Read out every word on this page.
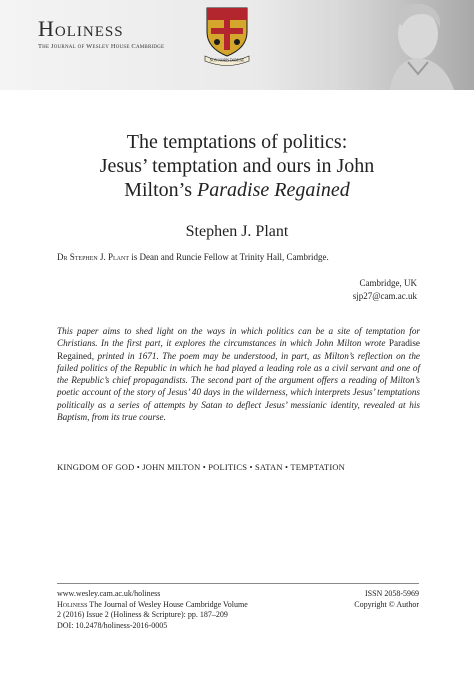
Holiness
The Journal of Wesley House Cambridge
NON NOBIS DOMINE
The temptations of politics:
Jesus’ temptation and ours in John
Milton’s Paradise Regained
Stephen J. Plant
Dr Stephen J. Plant is Dean and Runcie Fellow at Trinity Hall, Cambridge.
Cambridge, UK
sjp27@cam.ac.uk
This paper aims to shed light on the ways in which politics can be a site of temptation for Christians. In the first part, it explores the circumstances in which John Milton wrote Paradise Regained, printed in 1671. The poem may be understood, in part, as Milton’s reflection on the failed politics of the Republic in which he had played a leading role as a civil servant and one of the Republic’s chief propagandists. The second part of the argument offers a reading of Milton’s poetic account of the story of Jesus’ 40 days in the wilderness, which interprets Jesus’ temptations politically as a series of attempts by Satan to deflect Jesus’ messianic identity, revealed at his Baptism, from its true course.
KINGDOM OF GOD • JOHN MILTON • POLITICS • SATAN • TEMPTATION
www.wesley.cam.ac.uk/holiness
Holiness The Journal of Wesley House Cambridge Volume
2 (2016) Issue 2 (Holiness & Scripture): pp. 187–209
DOI: 10.2478/holiness-2016-0005
ISSN 2058-5969
Copyright © Author
